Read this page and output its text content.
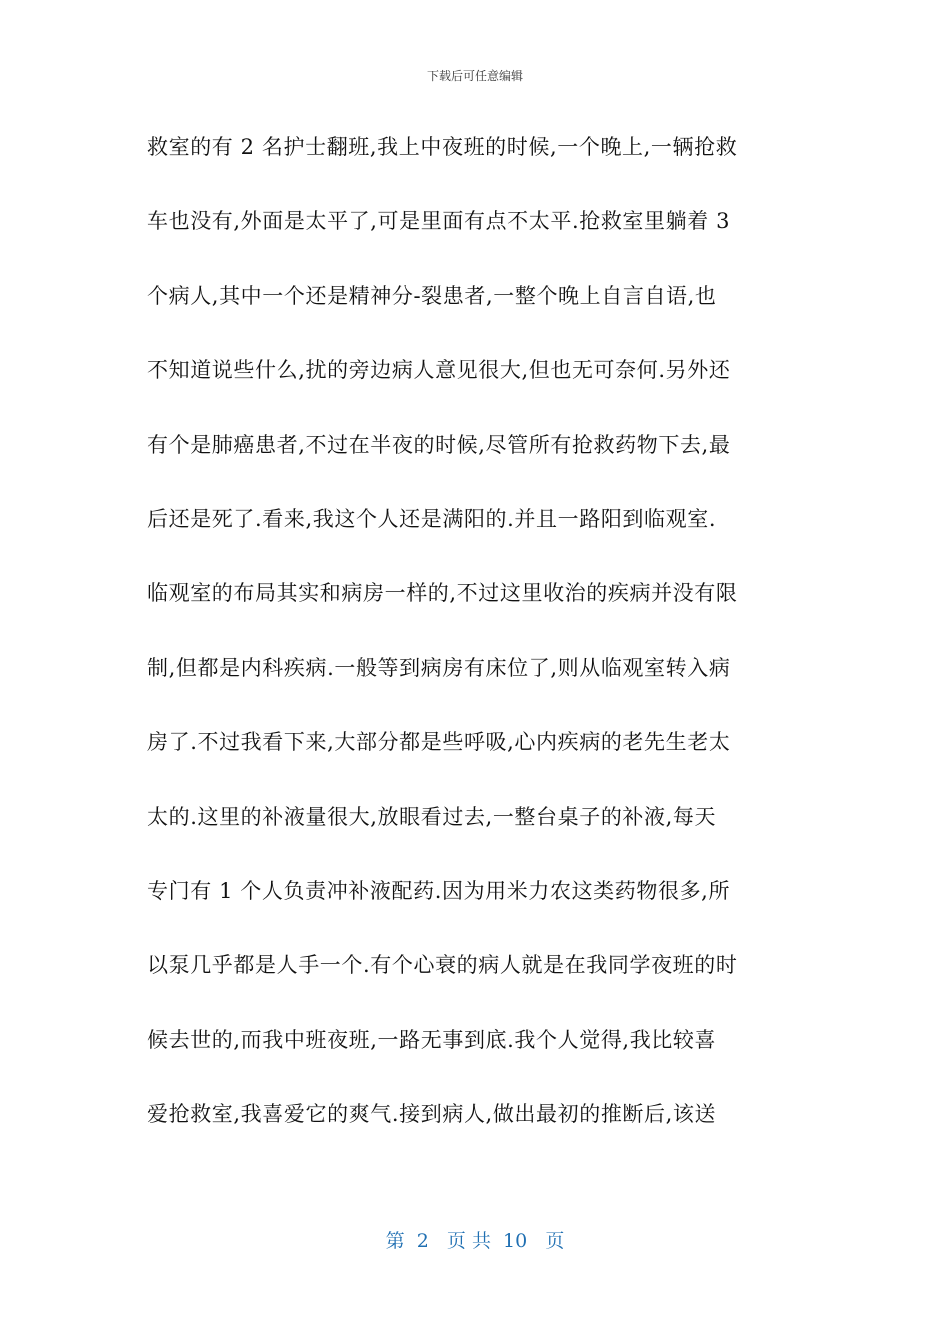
下载后可任意编辑
救室的有 2 名护士翻班,我上中夜班的时候,一个晚上,一辆抢救
车也没有,外面是太平了,可是里面有点不太平.抢救室里躺着 3
个病人,其中一个还是精神分-裂患者,一整个晚上自言自语,也
不知道说些什么,扰的旁边病人意见很大,但也无可奈何.另外还
有个是肺癌患者,不过在半夜的时候,尽管所有抢救药物下去,最
后还是死了.看来,我这个人还是满阳的.并且一路阳到临观室.
临观室的布局其实和病房一样的,不过这里收治的疾病并没有限
制,但都是内科疾病.一般等到病房有床位了,则从临观室转入病
房了.不过我看下来,大部分都是些呼吸,心内疾病的老先生老太
太的.这里的补液量很大,放眼看过去,一整台桌子的补液,每天
专门有 1 个人负责冲补液配药.因为用米力农这类药物很多,所
以泵几乎都是人手一个.有个心衰的病人就是在我同学夜班的时
候去世的,而我中班夜班,一路无事到底.我个人觉得,我比较喜
爱抢救室,我喜爱它的爽气.接到病人,做出最初的推断后,该送
第  2   页 共  10   页
